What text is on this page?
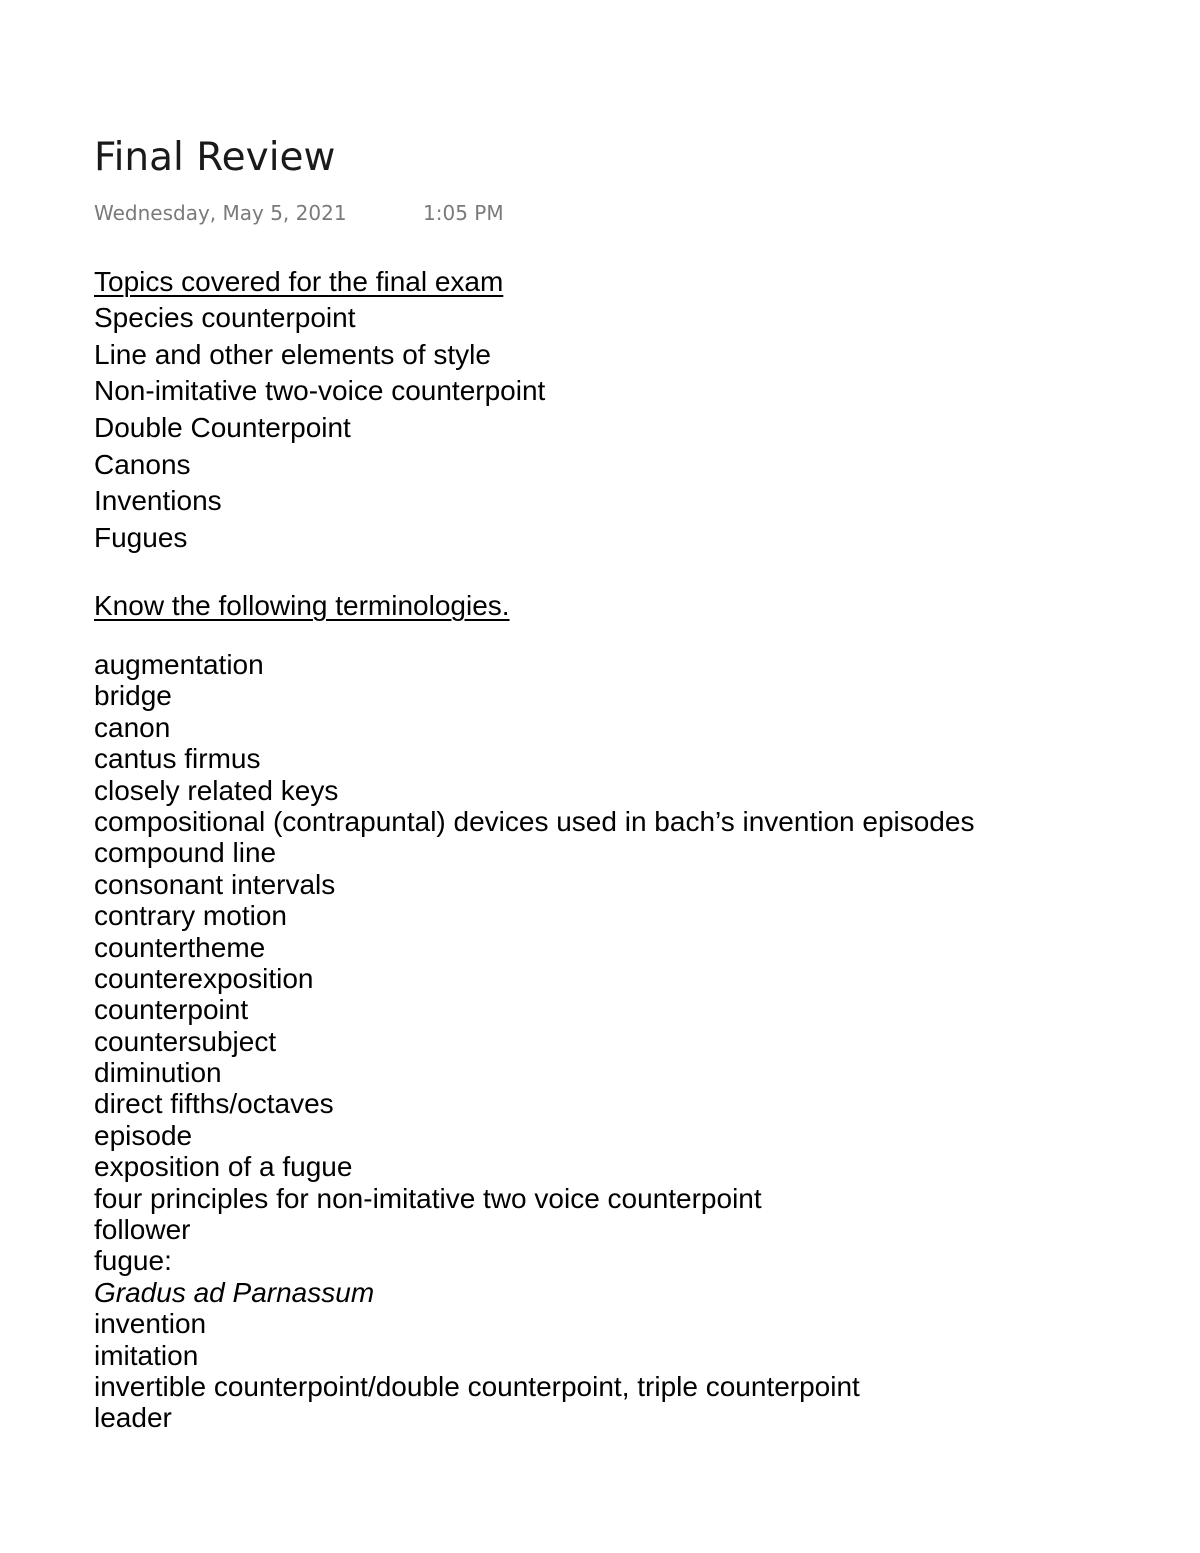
Final Review
Wednesday, May 5, 2021	1:05 PM
Topics covered for the final exam
Species counterpoint
Line and other elements of style
Non-imitative two-voice counterpoint
Double Counterpoint
Canons
Inventions
Fugues
Know the following terminologies.
augmentation
bridge
canon
cantus firmus
closely related keys
compositional (contrapuntal) devices used in bach’s invention episodes
compound line
consonant intervals
contrary motion
countertheme
counterexposition
counterpoint
countersubject
diminution
direct fifths/octaves
episode
exposition of a fugue
four principles for non-imitative two voice counterpoint
follower
fugue:
Gradus ad Parnassum
invention
imitation
invertible counterpoint/double counterpoint, triple counterpoint
leader
